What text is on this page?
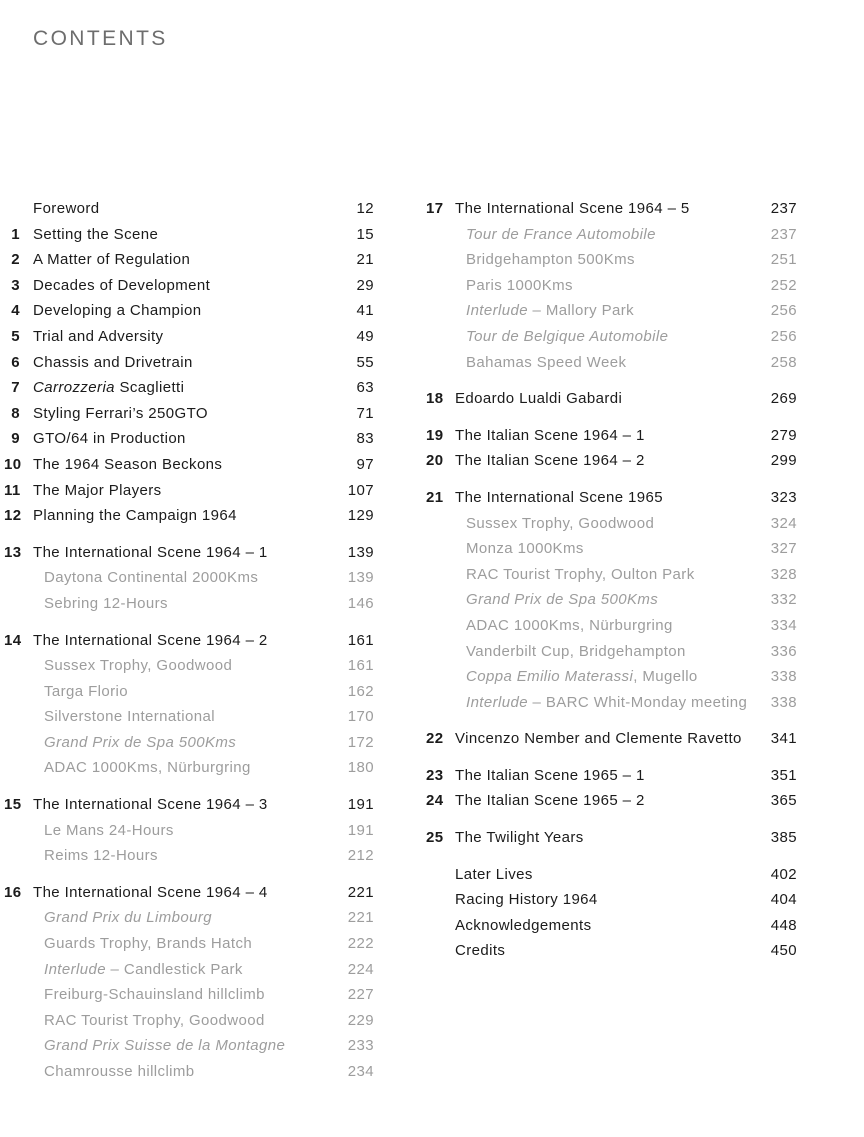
CONTENTS
Foreword	12
1 Setting the Scene	15
2 A Matter of Regulation	21
3 Decades of Development	29
4 Developing a Champion	41
5 Trial and Adversity	49
6 Chassis and Drivetrain	55
7 Carrozzeria Scaglietti	63
8 Styling Ferrari’s 250GTO	71
9 GTO/64 in Production	83
10 The 1964 Season Beckons	97
11 The Major Players	107
12 Planning the Campaign 1964	129
13 The International Scene 1964 – 1	139
Daytona Continental 2000Kms	139
Sebring 12-Hours	146
14 The International Scene 1964 – 2	161
Sussex Trophy, Goodwood	161
Targa Florio	162
Silverstone International	170
Grand Prix de Spa 500Kms	172
ADAC 1000Kms, Nürburgring	180
15 The International Scene 1964 – 3	191
Le Mans 24-Hours	191
Reims 12-Hours	212
16 The International Scene 1964 – 4	221
Grand Prix du Limbourg	221
Guards Trophy, Brands Hatch	222
Interlude – Candlestick Park	224
Freiburg-Schauinsland hillclimb	227
RAC Tourist Trophy, Goodwood	229
Grand Prix Suisse de la Montagne	233
Chamrousse hillclimb	234
17 The International Scene 1964 – 5	237
Tour de France Automobile	237
Bridgehampton 500Kms	251
Paris 1000Kms	252
Interlude – Mallory Park	256
Tour de Belgique Automobile	256
Bahamas Speed Week	258
18 Edoardo Lualdi Gabardi	269
19 The Italian Scene 1964 – 1	279
20 The Italian Scene 1964 – 2	299
21 The International Scene 1965	323
Sussex Trophy, Goodwood	324
Monza 1000Kms	327
RAC Tourist Trophy, Oulton Park	328
Grand Prix de Spa 500Kms	332
ADAC 1000Kms, Nürburgring	334
Vanderbilt Cup, Bridgehampton	336
Coppa Emilio Materassi, Mugello	338
Interlude – BARC Whit-Monday meeting	338
22 Vincenzo Nember and Clemente Ravetto	341
23 The Italian Scene 1965 – 1	351
24 The Italian Scene 1965 – 2	365
25 The Twilight Years	385
Later Lives	402
Racing History 1964	404
Acknowledgements	448
Credits	450
